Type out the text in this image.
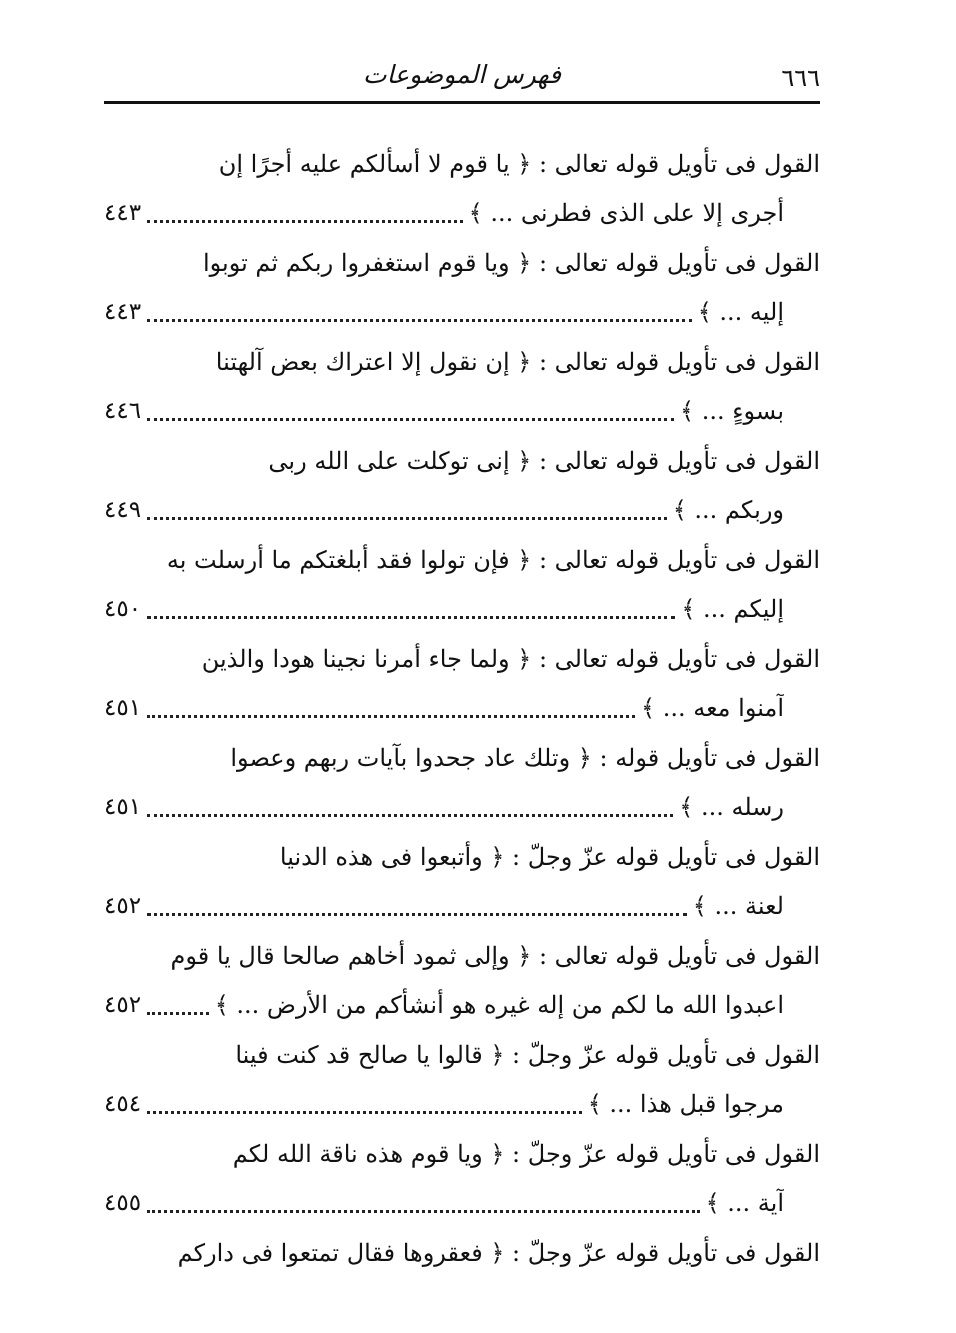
٦٦٦
فهرس الموضوعات
القول فى تأويل قوله تعالى : ﴿ يا قوم لا أسألكم عليه أجرًا إن
أجرى إلا على الذى فطرنى ... ﴾
٤٤٣
القول فى تأويل قوله تعالى : ﴿ ويا قوم استغفروا ربكم ثم توبوا
إليه ... ﴾
٤٤٣
القول فى تأويل قوله تعالى : ﴿ إن نقول إلا اعتراك بعض آلهتنا
بسوءٍ ... ﴾
٤٤٦
القول فى تأويل قوله تعالى : ﴿ إنى توكلت على الله ربى
وربكم ... ﴾
٤٤٩
القول فى تأويل قوله تعالى : ﴿ فإن تولوا فقد أبلغتكم ما أرسلت به
إليكم ... ﴾
٤٥٠
القول فى تأويل قوله تعالى : ﴿ ولما جاء أمرنا نجينا هودا والذين
آمنوا معه ... ﴾
٤٥١
القول فى تأويل قوله : ﴿ وتلك عاد جحدوا بآيات ربهم وعصوا
رسله ... ﴾
٤٥١
القول فى تأويل قوله عزّ وجلّ : ﴿ وأتبعوا فى هذه الدنيا
لعنة ... ﴾
٤٥٢
القول فى تأويل قوله تعالى : ﴿ وإلى ثمود أخاهم صالحا قال يا قوم
اعبدوا الله ما لكم من إله غيره هو أنشأكم من الأرض ... ﴾
٤٥٢
القول فى تأويل قوله عزّ وجلّ : ﴿ قالوا يا صالح قد كنت فينا
مرجوا قبل هذا ... ﴾
٤٥٤
القول فى تأويل قوله عزّ وجلّ : ﴿ ويا قوم هذه ناقة الله لكم
آية ... ﴾
٤٥٥
القول فى تأويل قوله عزّ وجلّ : ﴿ فعقروها فقال تمتعوا فى داركم
